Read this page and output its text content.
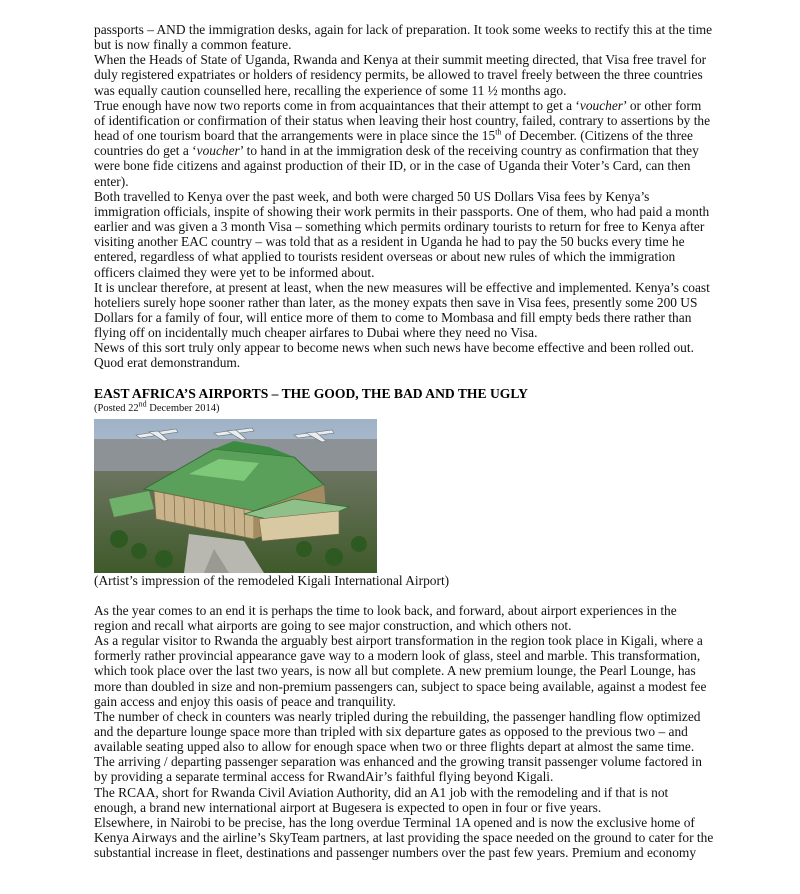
passports – AND the immigration desks, again for lack of preparation. It took some weeks to rectify this at the time but is now finally a common feature.

When the Heads of State of Uganda, Rwanda and Kenya at their summit meeting directed, that Visa free travel for duly registered expatriates or holders of residency permits, be allowed to travel freely between the three countries was equally caution counselled here, recalling the experience of some 11 ½ months ago.

True enough have now two reports come in from acquaintances that their attempt to get a ‘voucher’ or other form of identification or confirmation of their status when leaving their host country, failed, contrary to assertions by the head of one tourism board that the arrangements were in place since the 15th of December. (Citizens of the three countries do get a ‘voucher’ to hand in at the immigration desk of the receiving country as confirmation that they were bone fide citizens and against production of their ID, or in the case of Uganda their Voter’s Card, can then enter).

Both travelled to Kenya over the past week, and both were charged 50 US Dollars Visa fees by Kenya’s immigration officials, inspite of showing their work permits in their passports. One of them, who had paid a month earlier and was given a 3 month Visa – something which permits ordinary tourists to return for free to Kenya after visiting another EAC country – was told that as a resident in Uganda he had to pay the 50 bucks every time he entered, regardless of what applied to tourists resident overseas or about new rules of which the immigration officers claimed they were yet to be informed about.

It is unclear therefore, at present at least, when the new measures will be effective and implemented. Kenya’s coast hoteliers surely hope sooner rather than later, as the money expats then save in Visa fees, presently some 200 US Dollars for a family of four, will entice more of them to come to Mombasa and fill empty beds there rather than flying off on incidentally much cheaper airfares to Dubai where they need no Visa.

News of this sort truly only appear to become news when such news have become effective and been rolled out. Quod erat demonstrandum.

EAST AFRICA’S AIRPORTS – THE GOOD, THE BAD AND THE UGLY

(Posted 22nd December 2014)

(Artist’s impression of the remodeled Kigali International Airport)

As the year comes to an end it is perhaps the time to look back, and forward, about airport experiences in the region and recall what airports are going to see major construction, and which others not.

As a regular visitor to Rwanda the arguably best airport transformation in the region took place in Kigali, where a formerly rather provincial appearance gave way to a modern look of glass, steel and marble. This transformation, which took place over the last two years, is now all but complete. A new premium lounge, the Pearl Lounge, has more than doubled in size and non-premium passengers can, subject to space being available, against a modest fee gain access and enjoy this oasis of peace and tranquility.

The number of check in counters was nearly tripled during the rebuilding, the passenger handling flow optimized and the departure lounge space more than tripled with six departure gates as opposed to the previous two – and available seating upped also to allow for enough space when two or three flights depart at almost the same time.

The arriving / departing passenger separation was enhanced and the growing transit passenger volume factored in by providing a separate terminal access for RwandAir’s faithful flying beyond Kigali.

The RCAA, short for Rwanda Civil Aviation Authority, did an A1 job with the remodeling and if that is not enough, a brand new international airport at Bugesera is expected to open in four or five years.

Elsewhere, in Nairobi to be precise, has the long overdue Terminal 1A opened and is now the exclusive home of Kenya Airways and the airline’s SkyTeam partners, at last providing the space needed on the ground to cater for the substantial increase in fleet, destinations and passenger numbers over the past few years. Premium and economy
